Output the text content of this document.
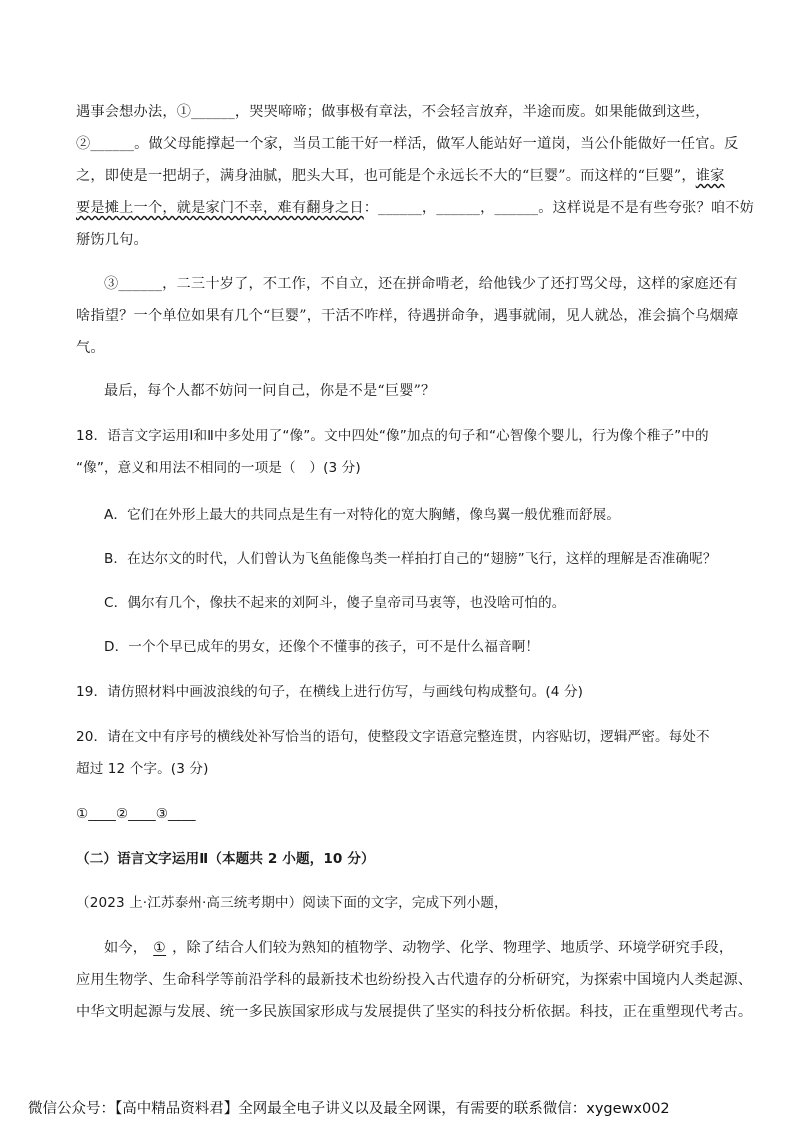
遇事会想办法，①______，哭哭啼啼；做事极有章法，不会轻言放弃，半途而废。如果能做到这些，
②______。做父母能撑起一个家，当员工能干好一样活，做军人能站好一道岗，当公仆能做好一任官。反
之，即使是一把胡子，满身油腻，肥头大耳，也可能是个永远长不大的“巨婴”。而这样的“巨婴”，谁家
要是摊上一个，就是家门不幸，难有翻身之日：______，______，______。这样说是不是有些夸张？咱不妨
掰饬几句。
③______，二三十岁了，不工作，不自立，还在拼命啃老，给他钱少了还打骂父母，这样的家庭还有
啥指望？一个单位如果有几个“巨婴”，干活不咋样，待遇拼命争，遇事就闹，见人就怂，准会搞个乌烟瘴
气。
最后，每个人都不妨问一问自己，你是不是“巨婴”？
18．语言文字运用Ⅰ和Ⅱ中多处用了“像”。文中四处“像”加点的句子和“心智像个婴儿，行为像个稚子”中的
“像”，意义和用法不相同的一项是（　）(3 分)
A．它们在外形上最大的共同点是生有一对特化的宽大胸鳍，像鸟翼一般优雅而舒展。
B．在达尔文的时代，人们曾认为飞鱼能像鸟类一样拍打自己的“翅膀”飞行，这样的理解是否准确呢？
C．偶尔有几个，像扶不起来的刘阿斗，傻子皇帝司马衷等，也没啥可怕的。
D．一个个早已成年的男女，还像个不懂事的孩子，可不是什么福音啊！
19．请仿照材料中画波浪线的句子，在横线上进行仿写，与画线句构成整句。(4 分)
20．请在文中有序号的横线处补写恰当的语句，使整段文字语意完整连贯，内容贴切，逻辑严密。每处不
超过 12 个字。(3 分)
①____②____③____
（二）语言文字运用Ⅱ（本题共 2 小题，10 分）
（2023 上·江苏泰州·高三统考期中）阅读下面的文字，完成下列小题，
如今， ① ，除了结合人们较为熟知的植物学、动物学、化学、物理学、地质学、环境学研究手段，
应用生物学、生命科学等前沿学科的最新技术也纷纷投入古代遗存的分析研究，为探索中国境内人类起源、
中华文明起源与发展、统一多民族国家形成与发展提供了坚实的科技分析依据。科技，正在重塑现代考古。
微信公众号：【高中精品资料君】全网最全电子讲义以及最全网课，有需要的联系微信：xygewx002
